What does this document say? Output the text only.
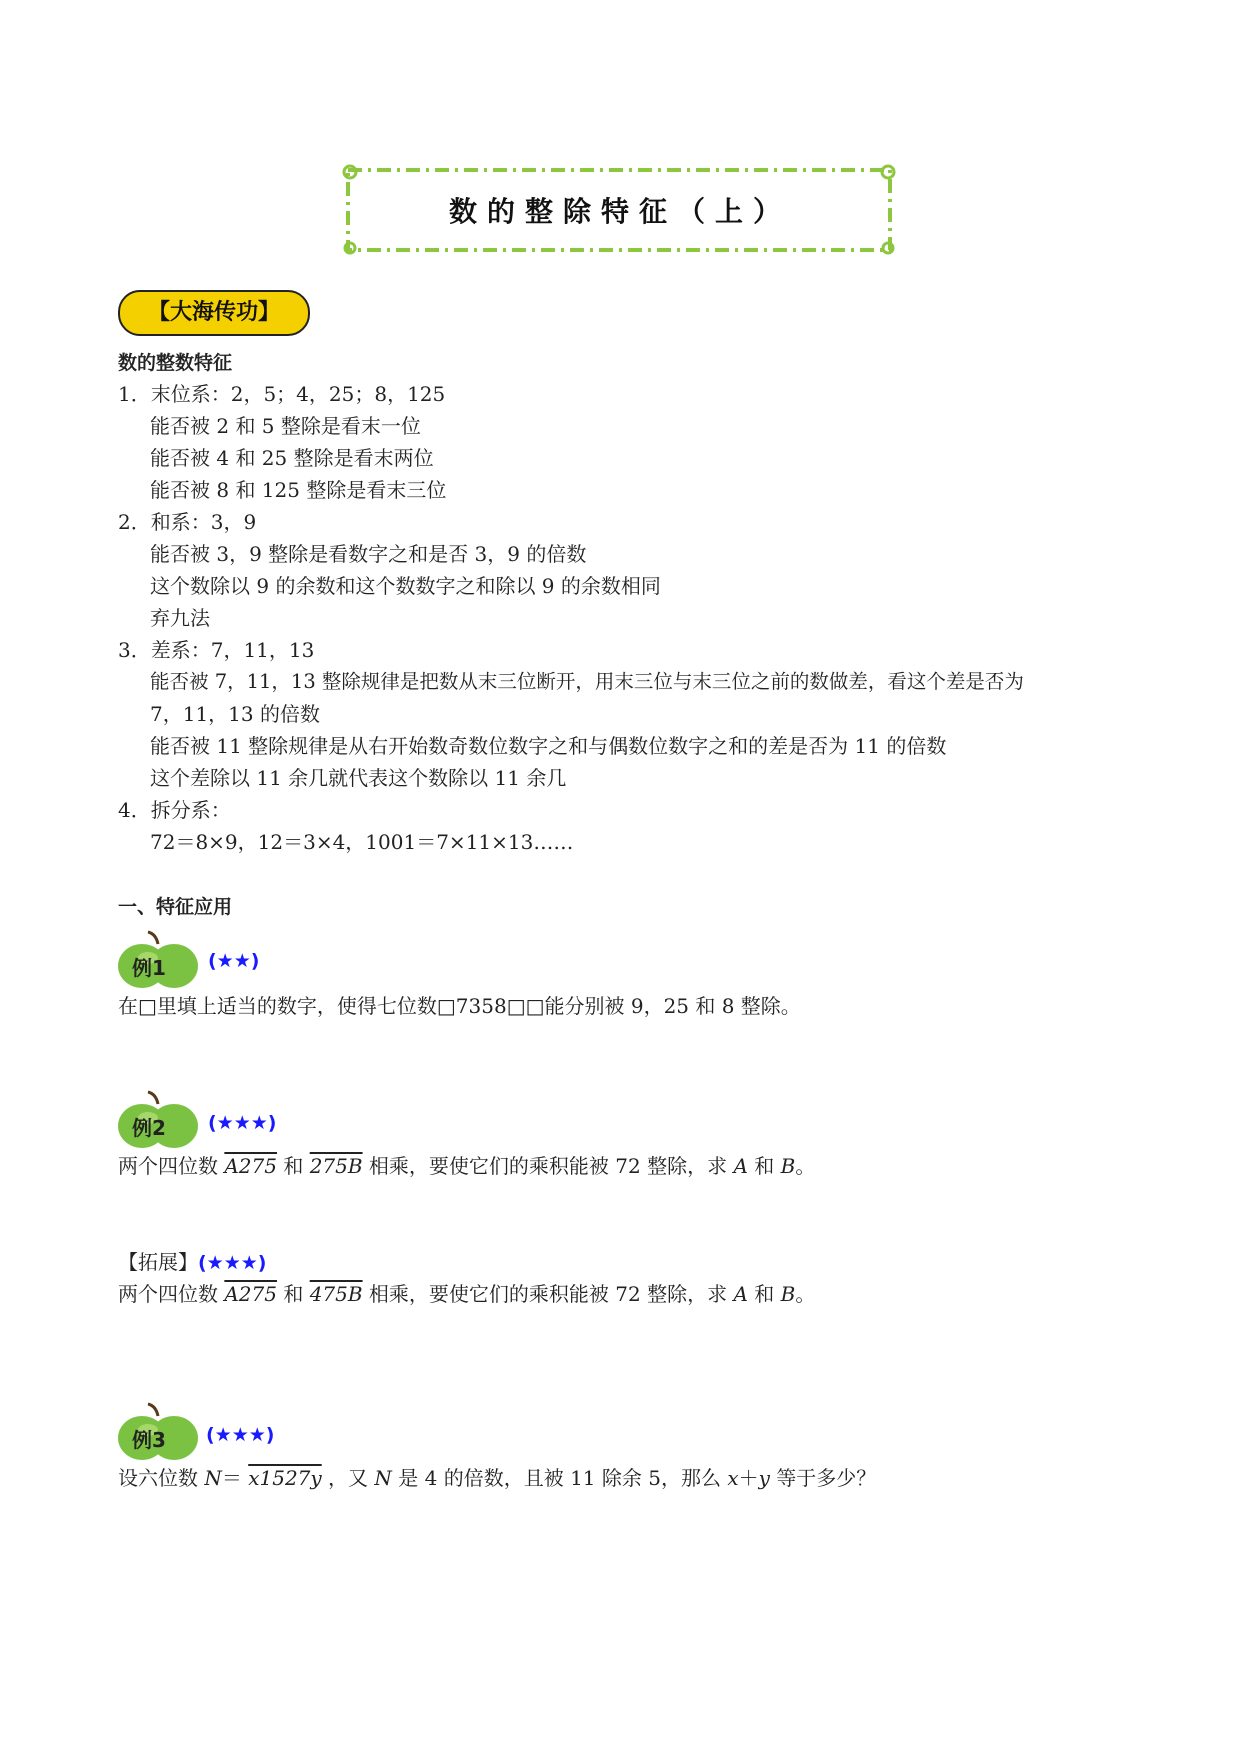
数的整除特征（上）
【大海传功】
数的整数特征
1．末位系：2，5；4，25；8，125
能否被 2 和 5 整除是看末一位
能否被 4 和 25 整除是看末两位
能否被 8 和 125 整除是看末三位
2．和系：3，9
能否被 3，9 整除是看数字之和是否 3，9 的倍数
这个数除以 9 的余数和这个数数字之和除以 9 的余数相同
弃九法
3．差系：7，11，13
能否被 7，11，13 整除规律是把数从末三位断开，用末三位与末三位之前的数做差，看这个差是否为
7，11，13 的倍数
能否被 11 整除规律是从右开始数奇数位数字之和与偶数位数字之和的差是否为 11 的倍数
这个差除以 11 余几就代表这个数除以 11 余几
4．拆分系：
72＝8×9，12＝3×4，1001＝7×11×13……
一、特征应用
例1 (★★)
在□里填上适当的数字，使得七位数□7358□□能分别被 9，25 和 8 整除。
例2 (★★★)
两个四位数 A275 和 275B 相乘，要使它们的乘积能被 72 整除，求 A 和 B。
【拓展】(★★★)
两个四位数 A275 和 475B 相乘，要使它们的乘积能被 72 整除，求 A 和 B。
例3 (★★★)
设六位数 N＝ x1527y ，又 N 是 4 的倍数，且被 11 除余 5，那么 x＋y 等于多少？
